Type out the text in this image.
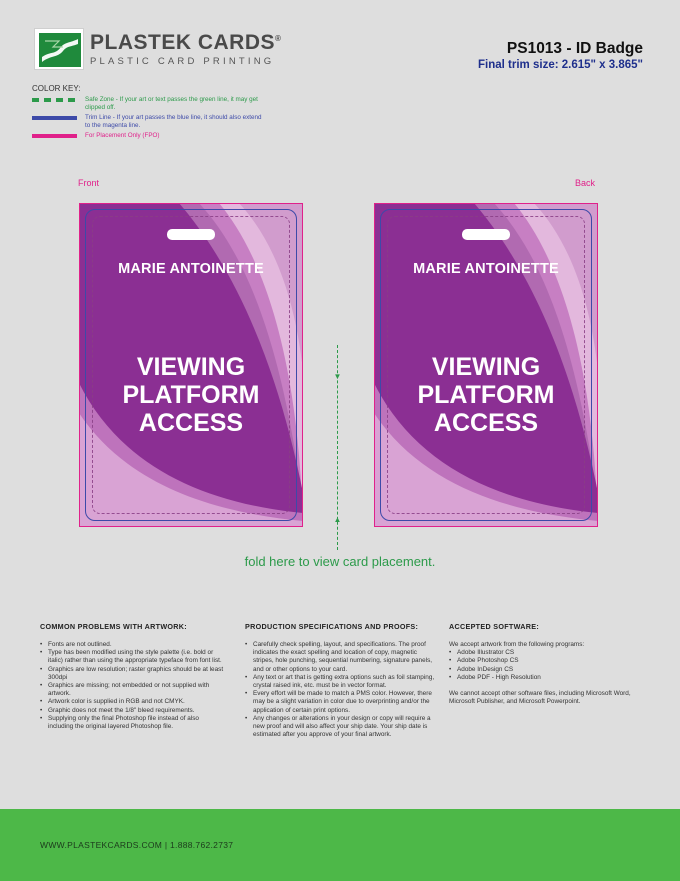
PLASTEK CARDS®
PLASTIC CARD PRINTING
PS1013 - ID Badge
Final trim size: 2.615" x 3.865"
COLOR KEY:
Safe Zone - If your art or text passes the green line, it may get clipped off.
Trim Line - If your art passes the blue line, it should also extend to the magenta line.
For Placement Only (FPO)
Front	Back
MARIE ANTOINETTE
VIEWING
PLATFORM
ACCESS
MARIE ANTOINETTE
VIEWING
PLATFORM
ACCESS
▼
▲
fold here to view card placement.
COMMON PROBLEMS WITH ARTWORK:
• Fonts are not outlined.
• Type has been modified using the style palette (i.e. bold or italic) rather than using the appropriate typeface from font list.
• Graphics are low resolution; raster graphics should be at least 300dpi
• Graphics are missing; not embedded or not supplied with artwork.
• Artwork color is supplied in RGB and not CMYK.
• Graphic does not meet the 1/8" bleed requirements.
• Supplying only the final Photoshop file instead of also including the original layered Photoshop file.
PRODUCTION SPECIFICATIONS AND PROOFS:
• Carefully check spelling, layout, and specifications. The proof indicates the exact spelling and location of copy, magnetic stripes, hole punching, sequential numbering, signature panels, and or other options to your card.
• Any text or art that is getting extra options such as foil stamping, crystal raised ink, etc. must be in vector format.
• Every effort will be made to match a PMS color. However, there may be a slight variation in color due to overprinting and/or the application of certain print options.
• Any changes or alterations in your design or copy will require a new proof and will also affect your ship date. Your ship date is estimated after you approve of your final artwork.
ACCEPTED SOFTWARE:

We accept artwork from the following programs:

• Adobe Illustrator CS
• Adobe Photoshop CS
• Adobe InDesign CS
• Adobe PDF - High Resolution

We cannot accept other software files, including Microsoft Word, Microsoft Publisher, and Microsoft Powerpoint.

WWW.PLASTEKCARDS.COM | 1.888.762.2737
